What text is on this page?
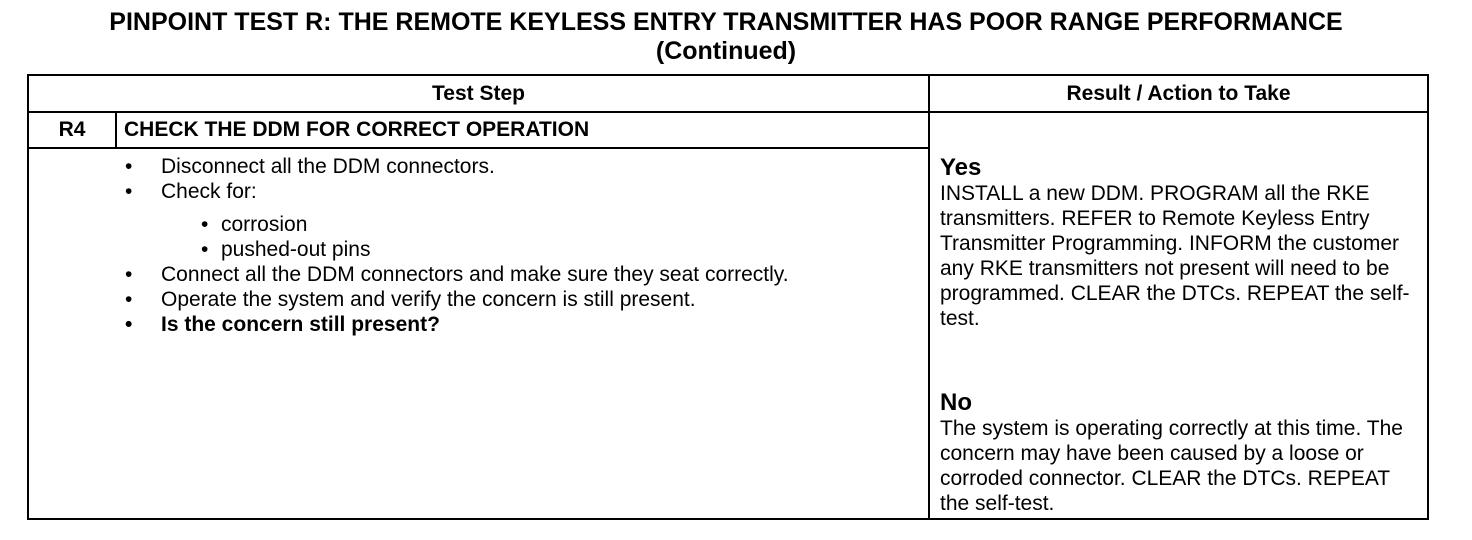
PINPOINT TEST R: THE REMOTE KEYLESS ENTRY TRANSMITTER HAS POOR RANGE PERFORMANCE
(Continued)
Test Step	Result / Action to Take
R4	CHECK THE DDM FOR CORRECT OPERATION
• Disconnect all the DDM connectors.
• Check for:
• corrosion
• pushed-out pins
• Connect all the DDM connectors and make sure they seat correctly.
• Operate the system and verify the concern is still present.
• Is the concern still present?
Yes
INSTALL a new DDM. PROGRAM all the RKE transmitters. REFER to Remote Keyless Entry Transmitter Programming. INFORM the customer any RKE transmitters not present will need to be programmed. CLEAR the DTCs. REPEAT the self-test.
No
The system is operating correctly at this time. The concern may have been caused by a loose or corroded connector. CLEAR the DTCs. REPEAT the self-test.
